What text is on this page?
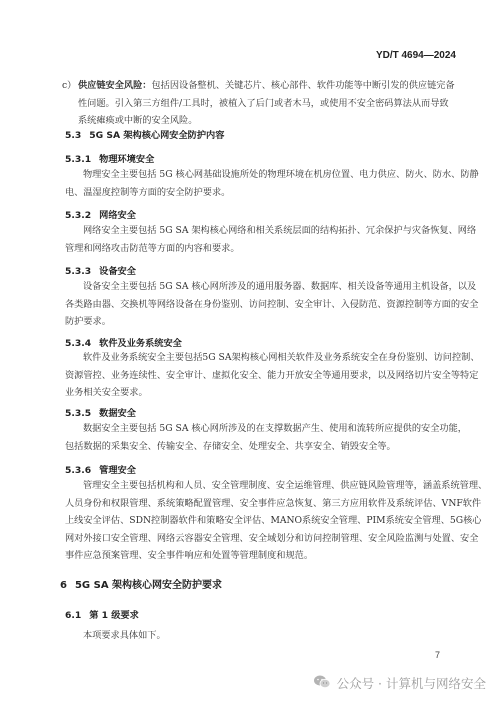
YD/T 4694—2024
c） 供应链安全风险：包括因设备整机、关键芯片、核心部件、软件功能等中断引发的供应链完备
性问题。引入第三方组件/工具时，被植入了后门或者木马，或使用不安全密码算法从而导致
系统瘫痪或中断的安全风险。
5.3 5G SA 架构核心网安全防护内容
5.3.1 物理环境安全
物理安全主要包括 5G 核心网基础设施所处的物理环境在机房位置、电力供应、防火、防水、防静
电、温湿度控制等方面的安全防护要求。
5.3.2 网络安全
网络安全主要包括 5G SA 架构核心网络和相关系统层面的结构拓扑、冗余保护与灾备恢复、网络
管理和网络攻击防范等方面的内容和要求。
5.3.3 设备安全
设备安全主要包括 5G SA 核心网所涉及的通用服务器、数据库、相关设备等通用主机设备，以及
各类路由器、交换机等网络设备在身份鉴别、访问控制、安全审计、入侵防范、资源控制等方面的安全
防护要求。
5.3.4 软件及业务系统安全
软件及业务系统安全主要包括5G SA架构核心网相关软件及业务系统安全在身份鉴别、访问控制、
资源管控、业务连续性、安全审计、虚拟化安全、能力开放安全等通用要求，以及网络切片安全等特定
业务相关安全要求。
5.3.5 数据安全
数据安全主要包括 5G SA 核心网所涉及的在支撑数据产生、使用和流转所应提供的安全功能，
包括数据的采集安全、传输安全、存储安全、处理安全、共享安全、销毁安全等。
5.3.6 管理安全
管理安全主要包括机构和人员、安全管理制度、安全运维管理、供应链风险管理等，涵盖系统管理、
人员身份和权限管理、系统策略配置管理、安全事件应急恢复、第三方应用软件及系统评估、VNF软件
上线安全评估、SDN控制器软件和策略安全评估、MANO系统安全管理、PIM系统安全管理、5G核心
网对外接口安全管理、网络云容器安全管理、安全域划分和访问控制管理、安全风险监测与处置、安全
事件应急预案管理、安全事件响应和处置等管理制度和规范。
6 5G SA 架构核心网安全防护要求
6.1 第 1 级要求
本项要求具体如下。
7
公众号 · 计算机与网络安全
